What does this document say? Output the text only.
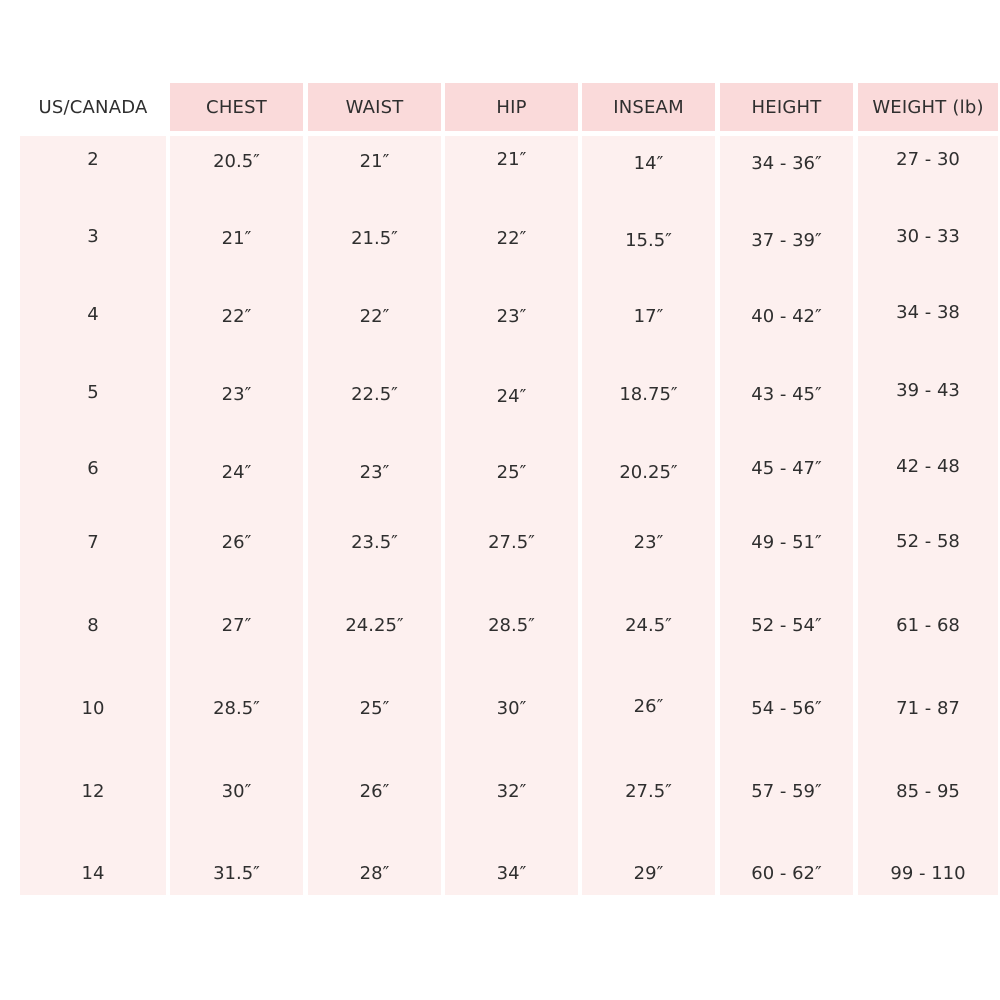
US/CANADA
2
3
4
5
6
7
8
10
12
14
CHEST
20.5″
21″
22″
23″
24″
26″
27″
28.5″
30″
31.5″
WAIST
21″
21.5″
22″
22.5″
23″
23.5″
24.25″
25″
26″
28″
HIP
21″
22″
23″
24″
25″
27.5″
28.5″
30″
32″
34″
INSEAM
14″
15.5″
17″
18.75″
20.25″
23″
24.5″
26″
27.5″
29″
HEIGHT
34 - 36″
37 - 39″
40 - 42″
43 - 45″
45 - 47″
49 - 51″
52 - 54″
54 - 56″
57 - 59″
60 - 62″
WEIGHT (lb)
27 - 30
30 - 33
34 - 38
39 - 43
42 - 48
52 - 58
61 - 68
71 - 87
85 - 95
99 - 110
